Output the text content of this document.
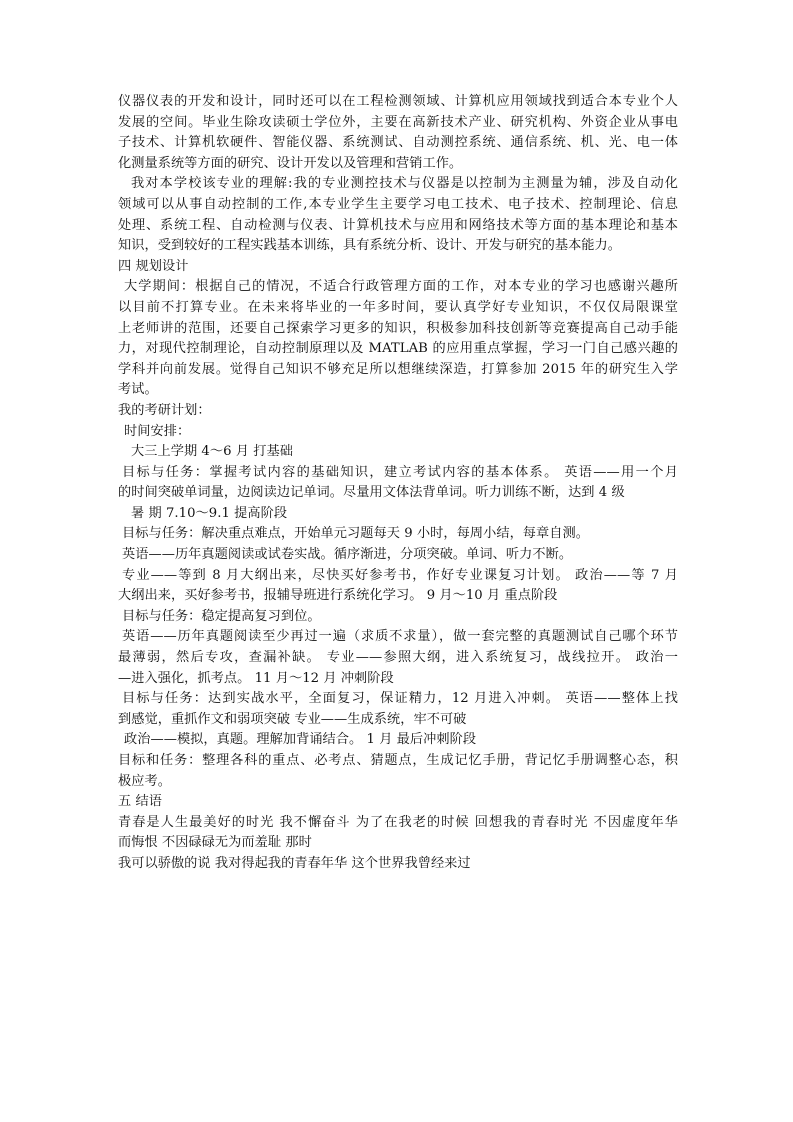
仪器仪表的开发和设计，同时还可以在工程检测领域、计算机应用领域找到适合本专业个人
发展的空间。毕业生除攻读硕士学位外，主要在高新技术产业、研究机构、外资企业从事电
子技术、计算机软硬件、智能仪器、系统测试、自动测控系统、通信系统、机、光、电一体
化测量系统等方面的研究、设计开发以及管理和营销工作。
我对本学校该专业的理解:我的专业测控技术与仪器是以控制为主测量为辅，涉及自动化
领域可以从事自动控制的工作,本专业学生主要学习电工技术、电子技术、控制理论、信息
处理、系统工程、自动检测与仪表、计算机技术与应用和网络技术等方面的基本理论和基本
知识，受到较好的工程实践基本训练，具有系统分析、设计、开发与研究的基本能力。
四 规划设计
大学期间：根据自己的情况，不适合行政管理方面的工作，对本专业的学习也感谢兴趣所
以目前不打算专业。在未来将毕业的一年多时间，要认真学好专业知识，不仅仅局限课堂
上老师讲的范围，还要自己探索学习更多的知识，积极参加科技创新等竞赛提高自己动手能
力，对现代控制理论，自动控制原理以及 MATLAB 的应用重点掌握，学习一门自己感兴趣的
学科并向前发展。觉得自己知识不够充足所以想继续深造，打算参加 2015 年的研究生入学
考试。
我的考研计划：
时间安排：
大三上学期 4～6 月 打基础
目标与任务：掌握考试内容的基础知识，建立考试内容的基本体系。 英语——用一个月
的时间突破单词量，边阅读边记单词。尽量用文体法背单词。听力训练不断，达到 4 级
暑 期 7.10～9.1 提高阶段
目标与任务：解决重点难点，开始单元习题每天 9 小时，每周小结，每章自测。
英语——历年真题阅读或试卷实战。循序渐进，分项突破。单词、听力不断。
专业——等到 8 月大纲出来，尽快买好参考书，作好专业课复习计划。 政治——等 7 月
大纲出来，买好参考书，报辅导班进行系统化学习。 9 月～10 月 重点阶段
目标与任务：稳定提高复习到位。
英语——历年真题阅读至少再过一遍（求质不求量），做一套完整的真题测试自己哪个环节
最薄弱，然后专攻，查漏补缺。 专业——参照大纲，进入系统复习，战线拉开。 政治一
—进入强化，抓考点。 11 月～12 月 冲刺阶段
目标与任务：达到实战水平，全面复习，保证精力，12 月进入冲刺。 英语——整体上找
到感觉，重抓作文和弱项突破 专业——生成系统，牢不可破
政治——模拟，真题。理解加背诵结合。 1 月 最后冲刺阶段
目标和任务：整理各科的重点、必考点、猜题点，生成记忆手册，背记忆手册调整心态，积
极应考。
五 结语
青春是人生最美好的时光 我不懈奋斗 为了在我老的时候 回想我的青春时光 不因虚度年华
而悔恨 不因碌碌无为而羞耻 那时
我可以骄傲的说 我对得起我的青春年华 这个世界我曾经来过
